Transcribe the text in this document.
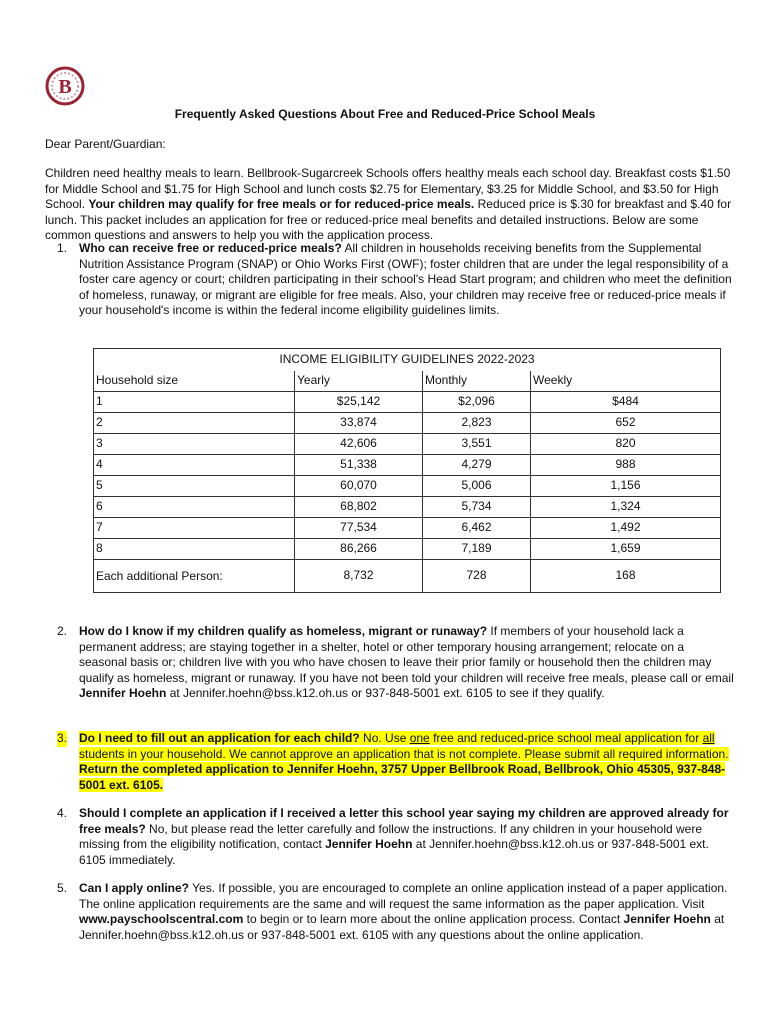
B
Frequently Asked Questions About Free and Reduced-Price School Meals
Dear Parent/Guardian:
Children need healthy meals to learn. Bellbrook-Sugarcreek Schools offers healthy meals each school day. Breakfast costs $1.50 for Middle School and $1.75 for High School and lunch costs $2.75 for Elementary, $3.25 for Middle School, and $3.50 for High School. Your children may qualify for free meals or for reduced-price meals. Reduced price is $.30 for breakfast and $.40 for lunch. This packet includes an application for free or reduced-price meal benefits and detailed instructions. Below are some common questions and answers to help you with the application process.
1. Who can receive free or reduced-price meals? All children in households receiving benefits from the Supplemental Nutrition Assistance Program (SNAP) or Ohio Works First (OWF); foster children that are under the legal responsibility of a foster care agency or court; children participating in their school's Head Start program; and children who meet the definition of homeless, runaway, or migrant are eligible for free meals. Also, your children may receive free or reduced-price meals if your household's income is within the federal income eligibility guidelines limits.
INCOME ELIGIBILITY GUIDELINES 2022-2023			
Household size	Yearly	Monthly	Weekly
1	$25,142	$2,096	$484
2	33,874	2,823	652
3	42,606	3,551	820
4	51,338	4,279	988
5	60,070	5,006	1,156
6	68,802	5,734	1,324
7	77,534	6,462	1,492
8	86,266	7,189	1,659
Each additional Person:	8,732	728	168
2. How do I know if my children qualify as homeless, migrant or runaway? If members of your household lack a permanent address; are staying together in a shelter, hotel or other temporary housing arrangement; relocate on a seasonal basis or; children live with you who have chosen to leave their prior family or household then the children may qualify as homeless, migrant or runaway. If you have not been told your children will receive free meals, please call or email Jennifer Hoehn at Jennifer.hoehn@bss.k12.oh.us or 937-848-5001 ext. 6105 to see if they qualify.
3. Do I need to fill out an application for each child? No. Use one free and reduced-price school meal application for all students in your household. We cannot approve an application that is not complete. Please submit all required information. Return the completed application to Jennifer Hoehn, 3757 Upper Bellbrook Road, Bellbrook, Ohio 45305, 937-848-5001 ext. 6105.
4. Should I complete an application if I received a letter this school year saying my children are approved already for free meals? No, but please read the letter carefully and follow the instructions. If any children in your household were missing from the eligibility notification, contact Jennifer Hoehn at Jennifer.hoehn@bss.k12.oh.us or 937-848-5001 ext. 6105 immediately.
5. Can I apply online? Yes. If possible, you are encouraged to complete an online application instead of a paper application. The online application requirements are the same and will request the same information as the paper application. Visit www.payschoolscentral.com to begin or to learn more about the online application process. Contact Jennifer Hoehn at Jennifer.hoehn@bss.k12.oh.us or 937-848-5001 ext. 6105 with any questions about the online application.
